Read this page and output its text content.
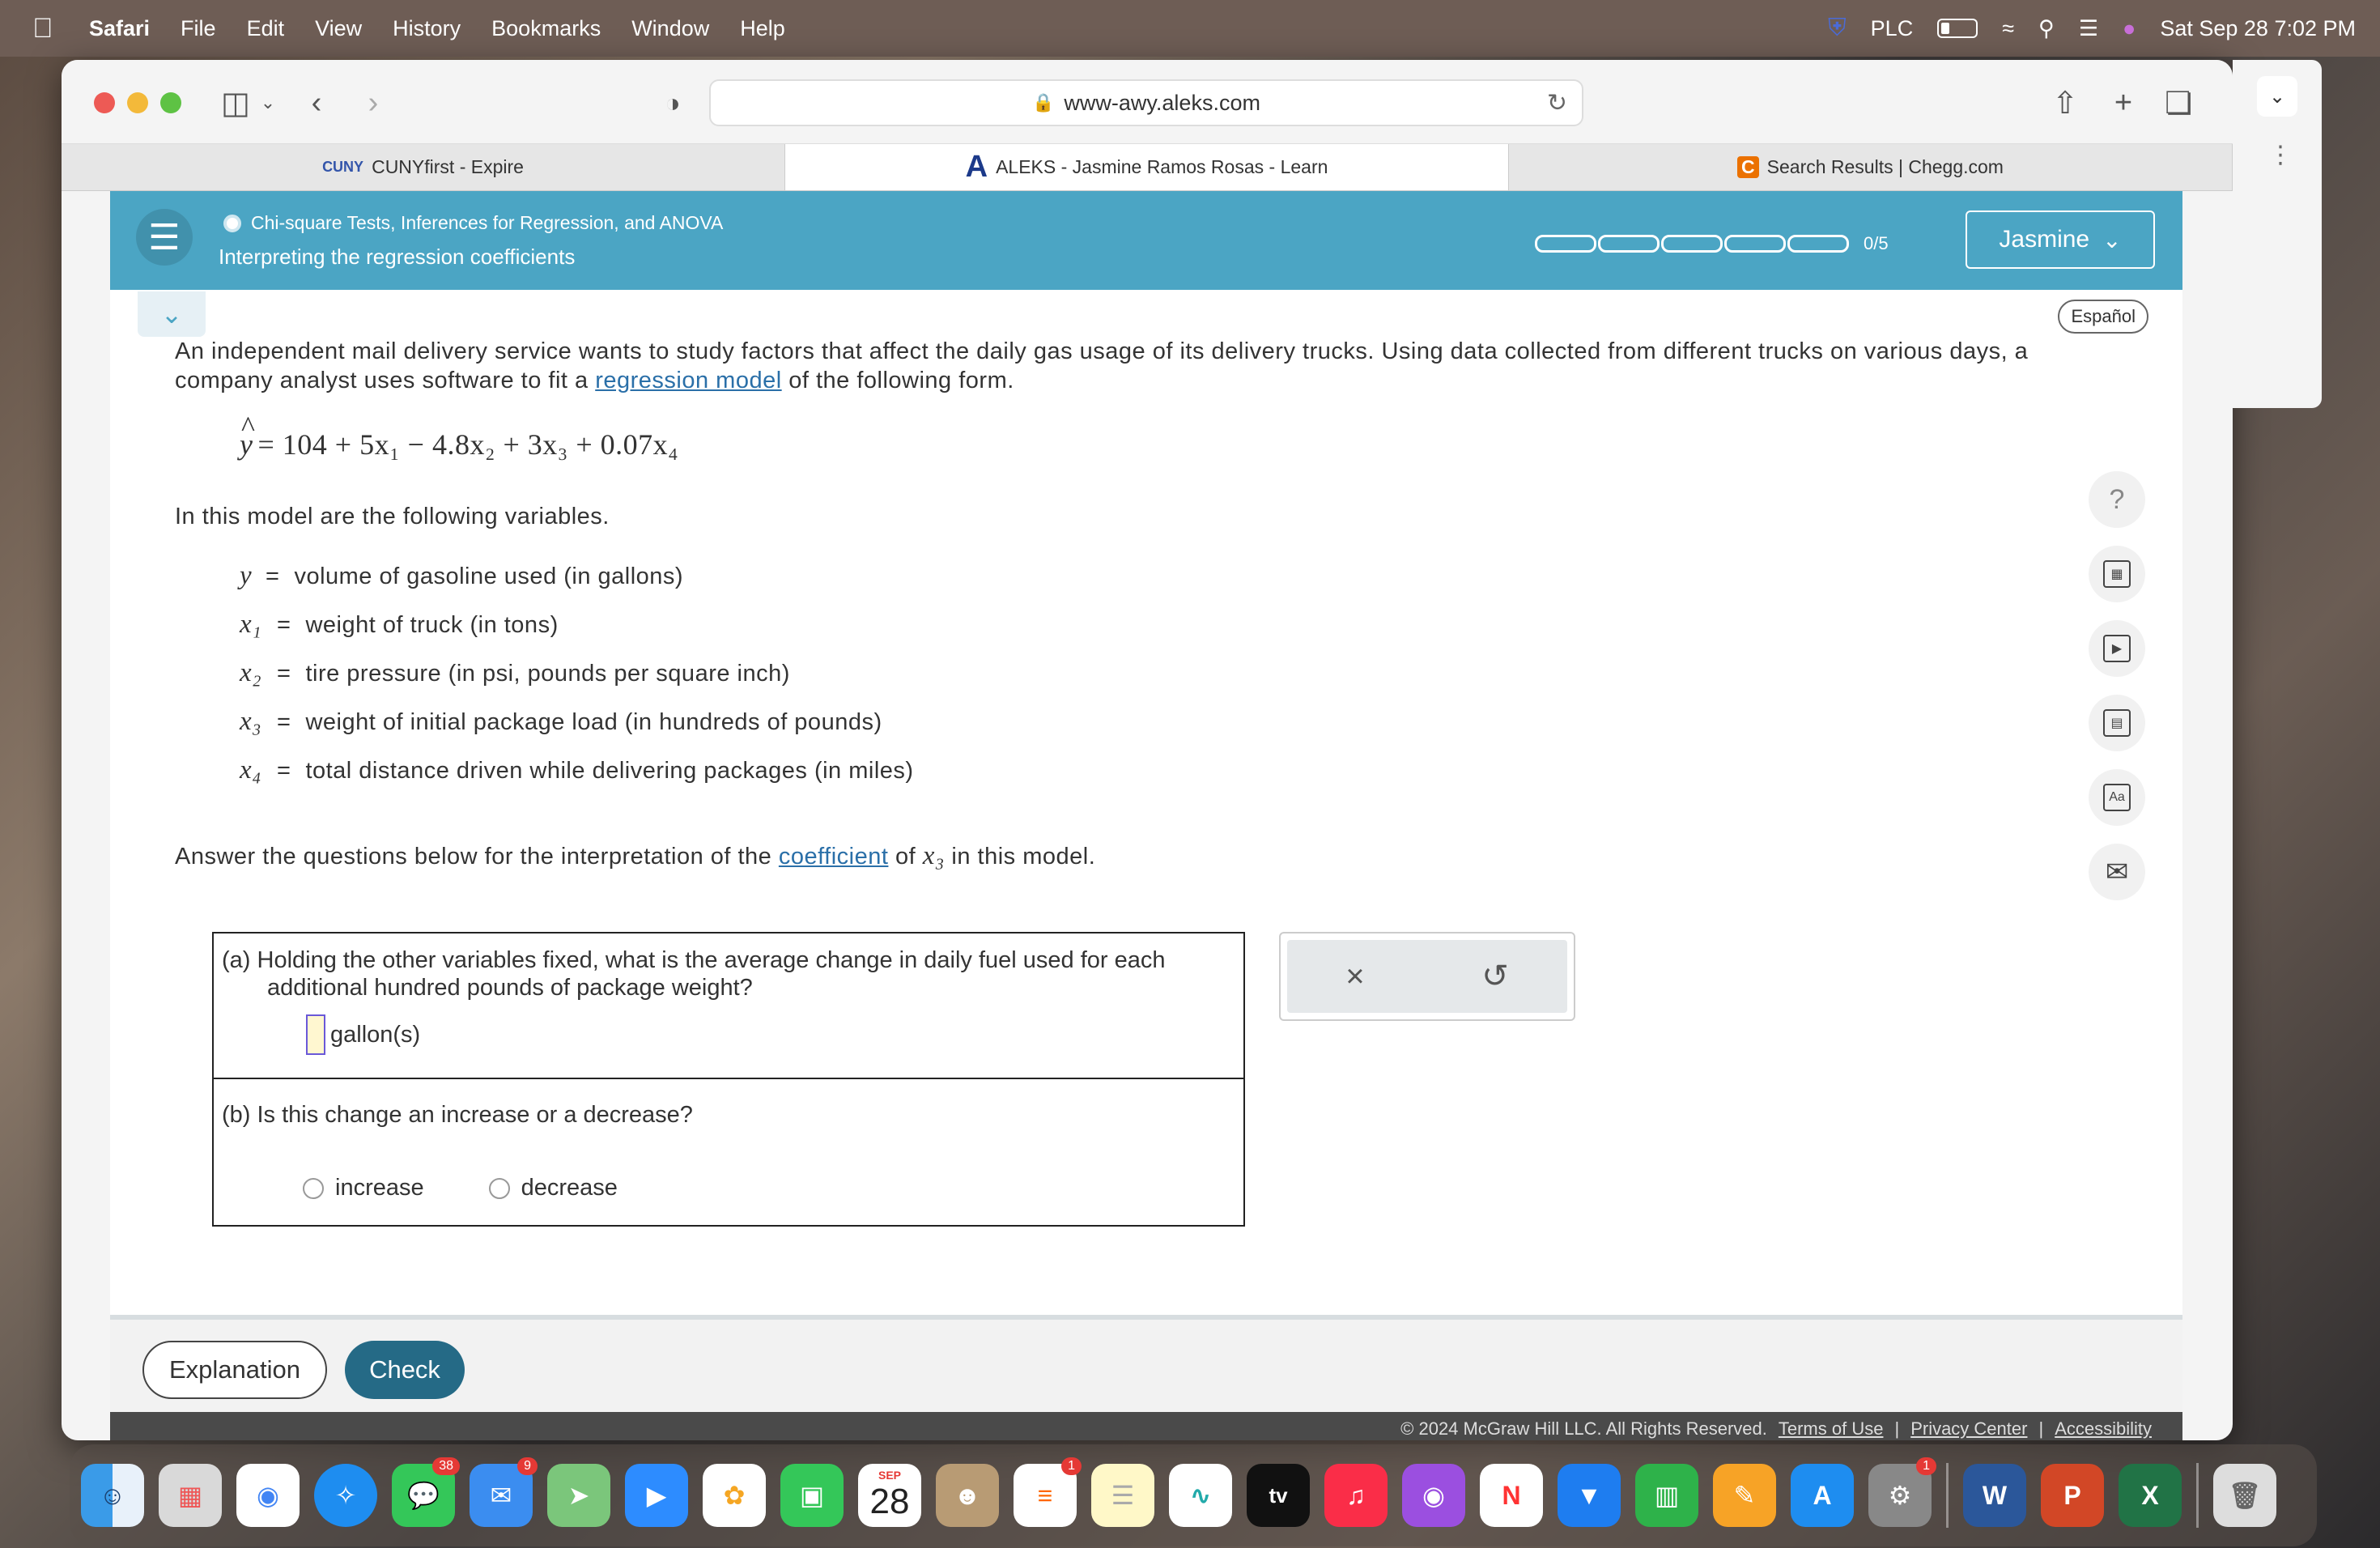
Safari File Edit View History Bookmarks Window Help	⛨ PLC	≈ ⚲ ☰ ● Sat Sep 28 7:02 PM
◫ ⌄	‹	›	◑	🔒 www-awy.aleks.com	↻	⇧	+	❏
CUNY CUNYfirst - Expire	A ALEKS - Jasmine Ramos Rosas - Learn	C Search Results | Chegg.com
☰	Chi-square Tests, Inferences for Regression, and ANOVA
Interpreting the regression coefficients
0/5	Jasmine ⌄
⌄	Español

An independent mail delivery service wants to study factors that affect the daily gas usage of its delivery trucks. Using data collected from different trucks on various days, a company analyst uses software to fit a regression model of the following form.

^ y = 104 + 5x₁ − 4.8x₂ + 3x₃ + 0.07x₄

In this model are the following variables.

y = volume of gasoline used (in gallons)
x₁ = weight of truck (in tons)
x₂ = tire pressure (in psi, pounds per square inch)
x₃ = weight of initial package load (in hundreds of pounds)
x₄ = total distance driven while delivering packages (in miles)

Answer the questions below for the interpretation of the coefficient of x₃ in this model.

(a) Holding the other variables fixed, what is the average change in daily fuel used for each additional hundred pounds of package weight?
gallon(s)
(b) Is this change an increase or a decrease?
increase	decrease
×	↺
?
▦
▶
▤
Aa
✉
Explanation	Check
© 2024 McGraw Hill LLC. All Rights Reserved. Terms of Use | Privacy Center | Accessibility
⌄
⋮
☺	▦	◉	✧	💬
38
✉
9
➤	▶	✿	▣
SEP
28	☻	≡
1
☰	∿	tv	♫	◉	N	▼	▥	✎	A	⚙
1
W	P	X	🗑
